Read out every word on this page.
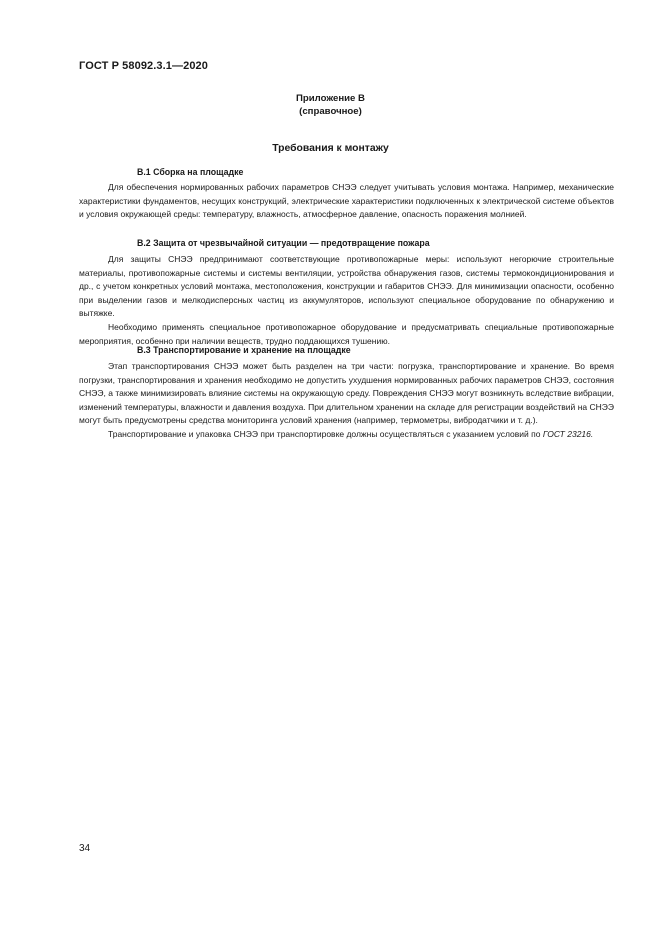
ГОСТ Р 58092.3.1—2020
Приложение В
(справочное)
Требования к монтажу

В.1 Сборка на площадке

Для обеспечения нормированных рабочих параметров СНЭЭ следует учитывать условия монтажа. Например, механические характеристики фундаментов, несущих конструкций, электрические характеристики подключенных к электрической системе объектов и условия окружающей среды: температуру, влажность, атмосферное давление, опасность поражения молнией.

В.2 Защита от чрезвычайной ситуации — предотвращение пожара

Для защиты СНЭЭ предпринимают соответствующие противопожарные меры: используют негорючие строительные материалы, противопожарные системы и системы вентиляции, устройства обнаружения газов, системы термокондиционирования и др., с учетом конкретных условий монтажа, местоположения, конструкции и габаритов СНЭЭ. Для минимизации опасности, особенно при выделении газов и мелкодисперсных частиц из аккумуляторов, используют специальное оборудование по обнаружению и вытяжке.

Необходимо применять специальное противопожарное оборудование и предусматривать специальные противопожарные мероприятия, особенно при наличии веществ, трудно поддающихся тушению.

В.3 Транспортирование и хранение на площадке

Этап транспортирования СНЭЭ может быть разделен на три части: погрузка, транспортирование и хранение. Во время погрузки, транспортирования и хранения необходимо не допустить ухудшения нормированных рабочих параметров СНЭЭ, состояния СНЭЭ, а также минимизировать влияние системы на окружающую среду. Повреждения СНЭЭ могут возникнуть вследствие вибрации, изменений температуры, влажности и давления воздуха. При длительном хранении на складе для регистрации воздействий на СНЭЭ могут быть предусмотрены средства мониторинга условий хранения (например, термометры, вибродатчики и т. д.).

Транспортирование и упаковка СНЭЭ при транспортировке должны осуществляться с указанием условий по ГОСТ 23216.

34
